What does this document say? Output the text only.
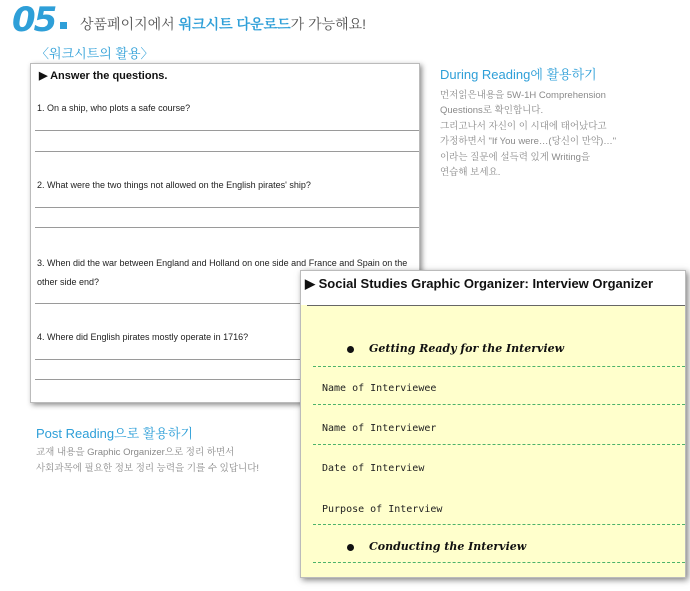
05 상품페이지에서 워크시트 다운로드가 가능해요!
〈워크시트의 활용〉
▶ Answer the questions.
1. On a ship, who plots a safe course?
2. What were the two things not allowed on the English pirates' ship?
3. When did the war between England and Holland on one side and France and Spain on the other side end?
4. Where did English pirates mostly operate in 1716?
During Reading에 활용하기
먼저읽은내용을 5W-1H Comprehension
Questions로 확인합니다.
그리고나서 자신이 이 시대에 태어났다고
가정하면서 "If You were…(당신이 만약)…"
이라는 질문에 설득력 있게 Writing을
연습해 보세요.
Post Reading으로 활용하기
교재 내용을 Graphic Organizer으로 정리 하면서
사회과목에 필요한 정보 정리 능력을 기를 수 있답니다!
▶ Social Studies Graphic Organizer: Interview Organizer
Getting Ready for the Interview
Name of Interviewee
Name of Interviewer
Date of Interview
Purpose of Interview
Conducting the Interview
